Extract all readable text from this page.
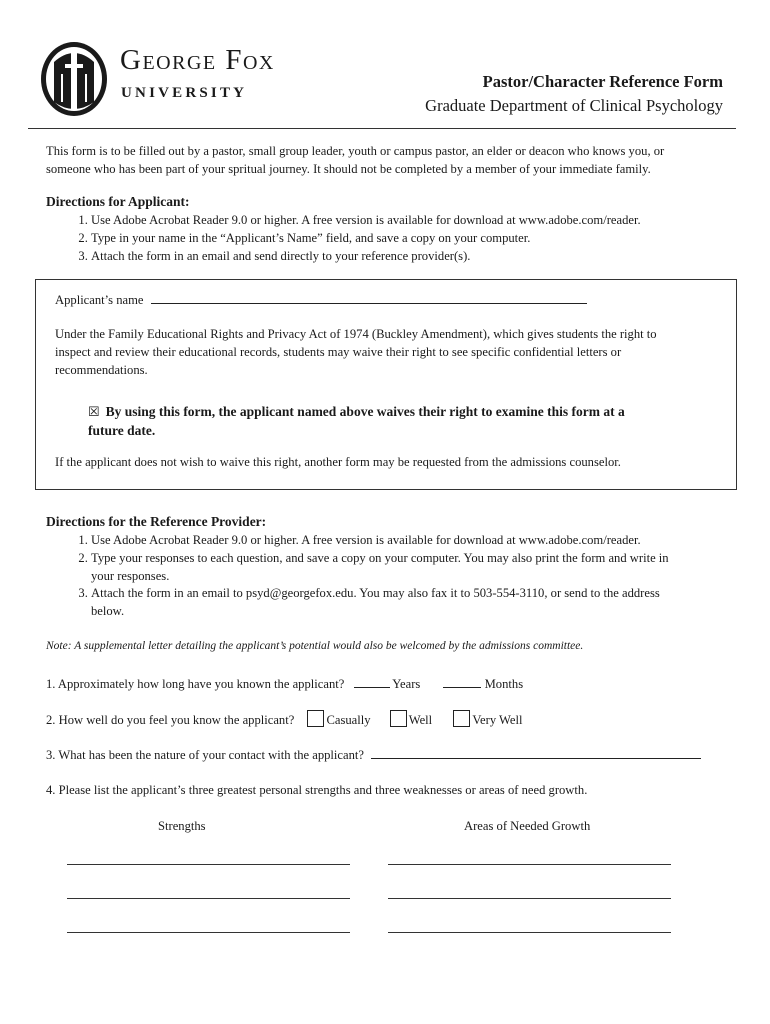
George Fox
UNIVERSITY
Pastor/Character Reference Form
Graduate Department of Clinical Psychology
This form is to be filled out by a pastor, small group leader, youth or campus pastor, an elder or deacon who knows you, or
someone who has been part of your spritual journey. It should not be completed by a member of your immediate family.
Directions for Applicant:
1. Use Adobe Acrobat Reader 9.0 or higher. A free version is available for download at www.adobe.com/reader.
2. Type in your name in the “Applicant’s Name” field, and save a copy on your computer.
3. Attach the form in an email and send directly to your reference provider(s).
Applicant’s name
Under the Family Educational Rights and Privacy Act of 1974 (Buckley Amendment), which gives students the right to
inspect and review their educational records, students may waive their right to see specific confidential letters or
recommendations.
☒ By using this form, the applicant named above waives their right to examine this form at a
future date.
If the applicant does not wish to waive this right, another form may be requested from the admissions counselor.
Directions for the Reference Provider:
1. Use Adobe Acrobat Reader 9.0 or higher. A free version is available for download at www.adobe.com/reader.
2. Type your responses to each question, and save a copy on your computer. You may also print the form and write in
your responses.
3. Attach the form in an email to psyd@georgefox.edu. You may also fax it to 503-554-3110, or send to the address
below.
Note: A supplemental letter detailing the applicant’s potential would also be welcomed by the admissions committee.
1. Approximately how long have you known the applicant?	Years	Months
2. How well do you feel you know the applicant?	Casually	Well	Very Well
3. What has been the nature of your contact with the applicant?
4. Please list the applicant’s three greatest personal strengths and three weaknesses or areas of need growth.
Strengths	Areas of Needed Growth
